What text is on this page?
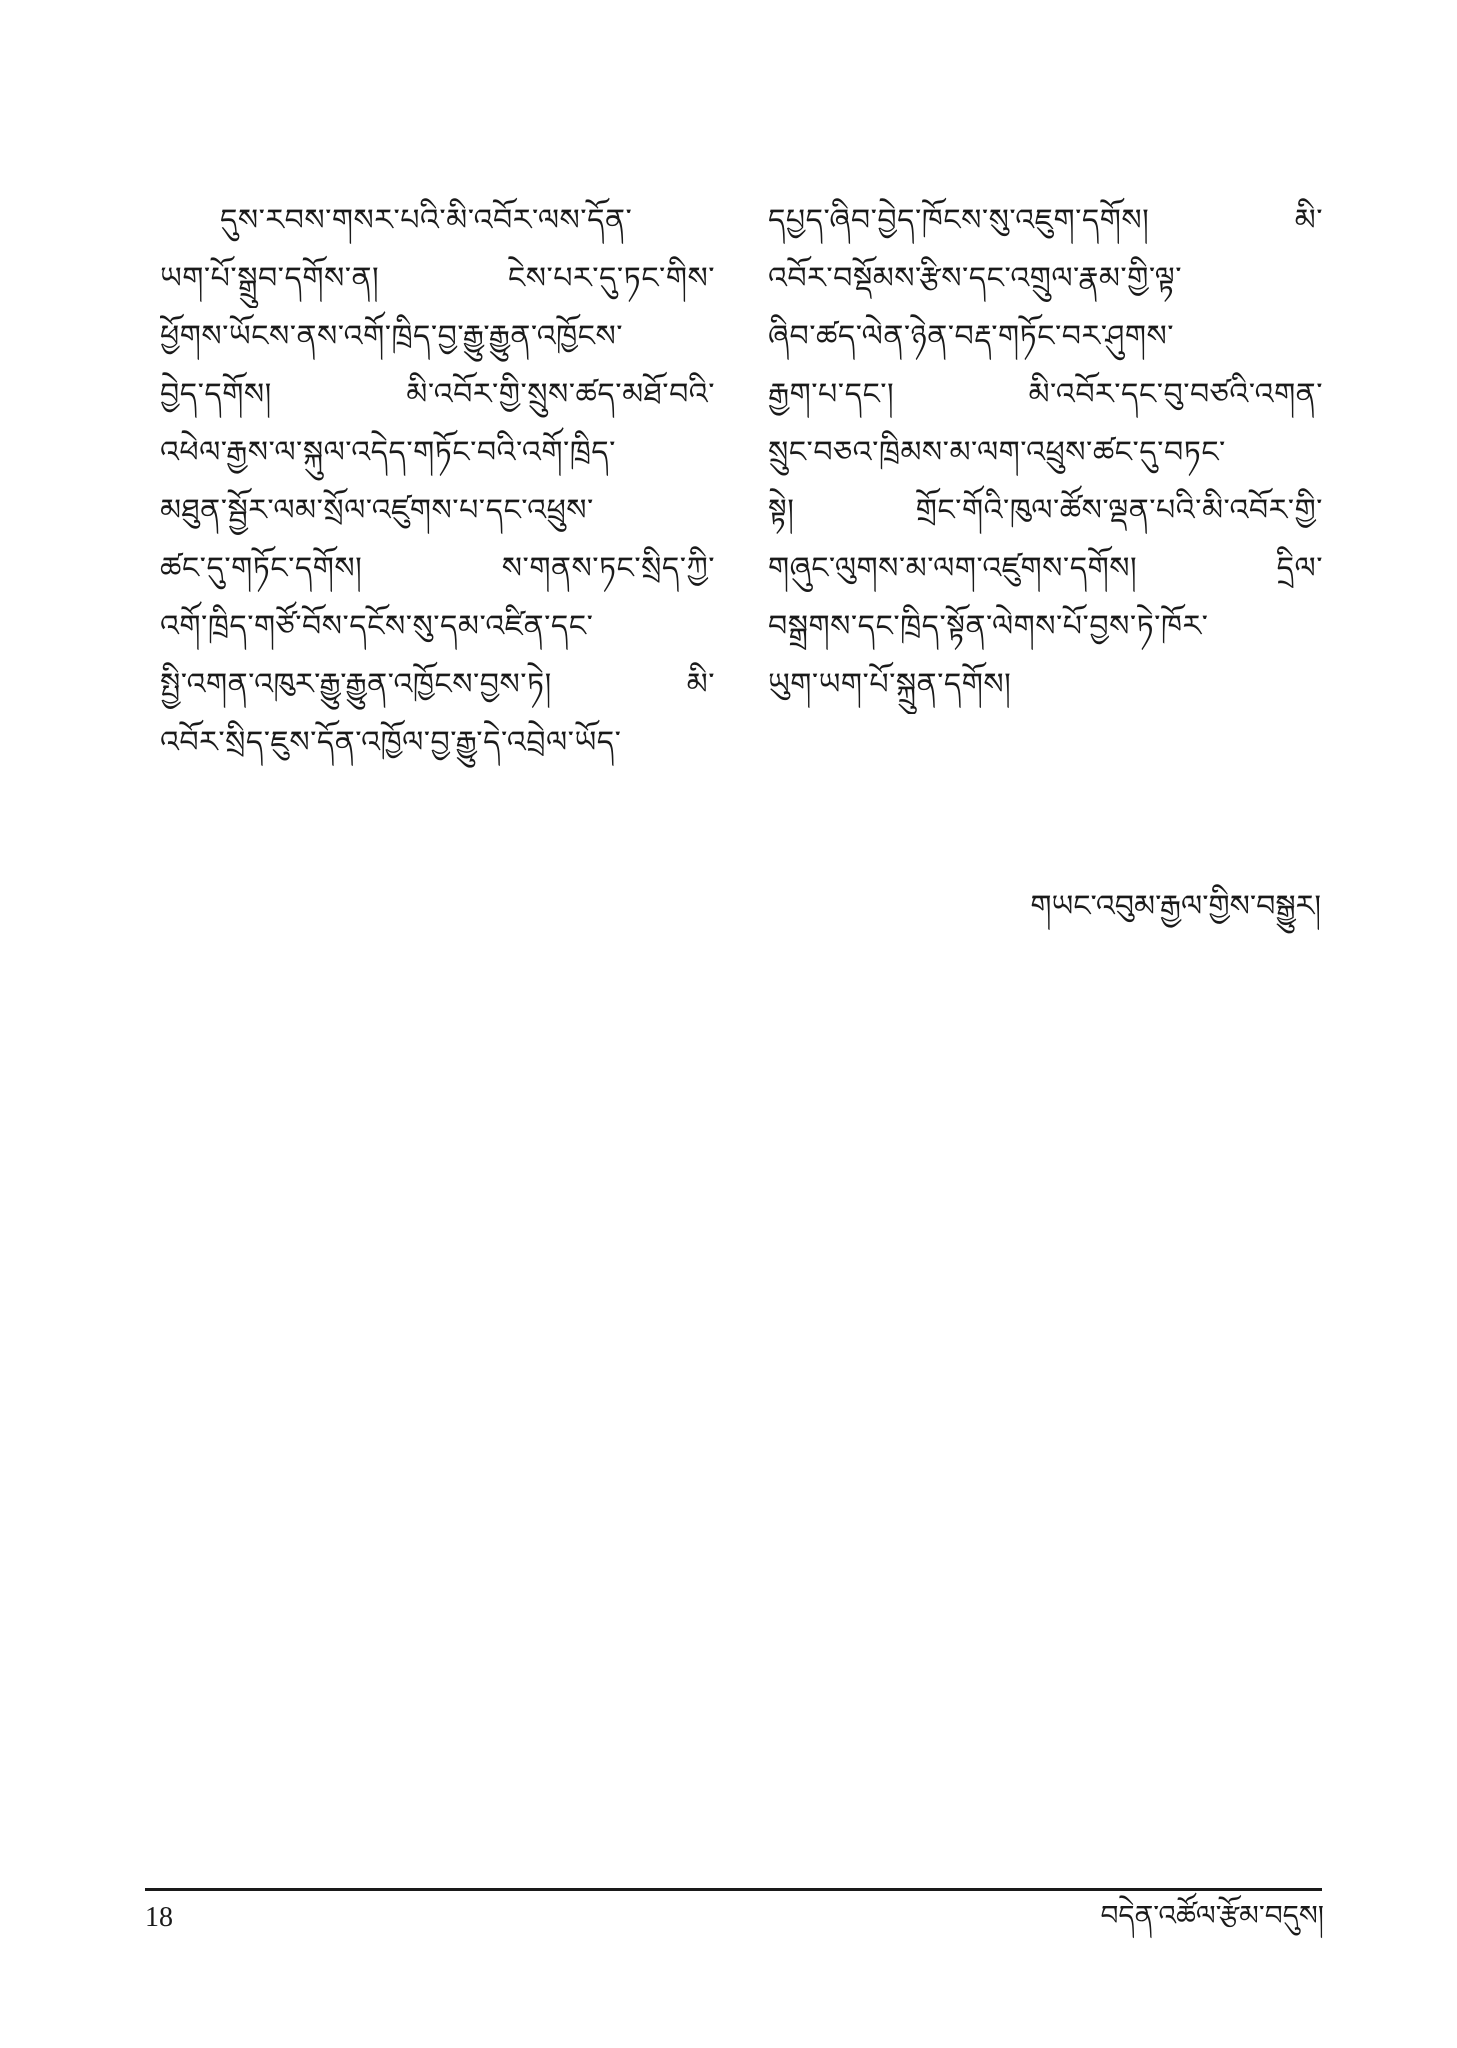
དུས་རབས་གསར་པའི་མི་འབོར་ལས་དོན་
ཡག་པོ་སྒྲུབ་དགོས་ན། ངེས་པར་དུ་ཏང་གིས་
ཕྱོགས་ཡོངས་ནས་འགོ་ཁྲིད་བྱ་རྒྱུ་རྒྱུན་འཁྱོངས་
བྱེད་དགོས། མི་འབོར་གྱི་སྲུས་ཚད་མཐོ་བའི་
འཕེལ་རྒྱས་ལ་སྐུལ་འདེད་གཏོང་བའི་འགོ་ཁྲིད་
མཐུན་སྦྱོར་ལམ་སྲོལ་འཛུགས་པ་དང་འཕྲུས་
ཚང་དུ་གཏོང་དགོས། ས་གནས་ཏང་སྲིད་ཀྱི་
འགོ་ཁྲིད་གཙོ་བོས་དངོས་སུ་དམ་འཛིན་དང་
སྤྱི་འགན་འཁུར་རྒྱུ་རྒྱུན་འཁྱོངས་བྱས་ཏེ། མི་
འབོར་སྲིད་ཇུས་དོན་འཁྱོལ་བྱ་རྒྱུ་དེ་འབྲེལ་ཡོད་
དཔྱད་ཞིབ་བྱེད་ཁོངས་སུ་འཇུག་དགོས། མི་
འབོར་བསྡོམས་རྩིས་དང་འགྲུལ་རྣམ་གྱི་ལྟ་
ཞིབ་ཚད་ལེན་ཉེན་བརྡ་གཏོང་བར་ཤུགས་
རྒྱག་པ་དང་། མི་འབོར་དང་བུ་བཙའི་འགན་
སྲུང་བཅའ་ཁྲིམས་མ་ལག་འཕྲུས་ཚང་དུ་བཏང་
སྟེ། གྲོང་གོའི་ཁུལ་ཚོས་ལྡན་པའི་མི་འབོར་གྱི་
གཞུང་ལུགས་མ་ལག་འཛུགས་དགོས། དྲིལ་
བསྒྲགས་དང་ཁྲིད་སྟོན་ལེགས་པོ་བྱས་ཏེ་ཁོར་
ཡུག་ཡག་པོ་སྐྲུན་དགོས།
གཡང་འབུམ་རྒྱལ་གྱིས་བསྒྱུར།
18	བདེན་འཚོལ་རྩོམ་བདུས།
